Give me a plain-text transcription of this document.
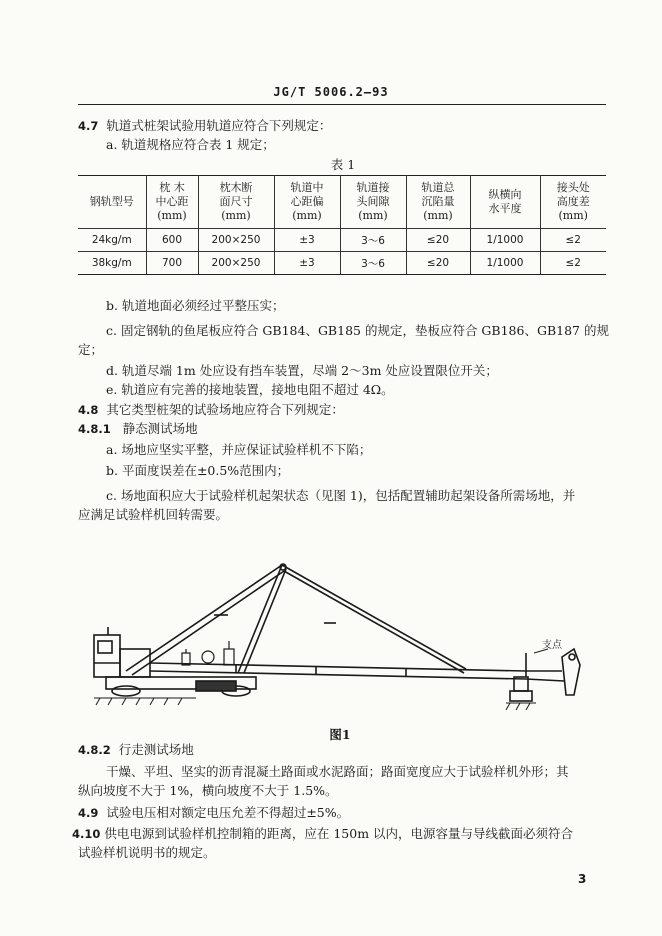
JG/T 5006.2—93
4.7 轨道式桩架试验用轨道应符合下列规定：
a. 轨道规格应符合表 1 规定；
表 1
钢轨型号	枕 木
中心距
(mm)	枕木断
面尺寸
(mm)	轨道中
心距偏
(mm)	轨道接
头间隙
(mm)	轨道总
沉陷量
(mm)	纵横向
水平度	接头处
高度差
(mm)
24kg/m	600	200×250	±3	3～6	≤20	1/1000	≤2
38kg/m	700	200×250	±3	3～6	≤20	1/1000	≤2
b. 轨道地面必须经过平整压实；
c. 固定钢轨的鱼尾板应符合 GB184、GB185 的规定，垫板应符合 GB186、GB187 的规
定；
d. 轨道尽端 1m 处应设有挡车装置，尽端 2～3m 处应设置限位开关；
e. 轨道应有完善的接地装置，接地电阻不超过 4Ω。
4.8 其它类型桩架的试验场地应符合下列规定：
4.8.1 静态测试场地
a. 场地应坚实平整，并应保证试验样机不下陷；
b. 平面度误差在±0.5%范围内；
c. 场地面积应大于试验样机起架状态（见图 1)，包括配置辅助起架设备所需场地，并
应满足试验样机回转需要。
支点
图1
4.8.2 行走测试场地
干燥、平坦、坚实的沥青混凝土路面或水泥路面；路面宽度应大于试验样机外形；其
纵向坡度不大于 1%，横向坡度不大于 1.5%。
4.9 试验电压相对额定电压允差不得超过±5%。
4.10 供电电源到试验样机控制箱的距离，应在 150m 以内，电源容量与导线截面必须符合
试验样机说明书的规定。
3
